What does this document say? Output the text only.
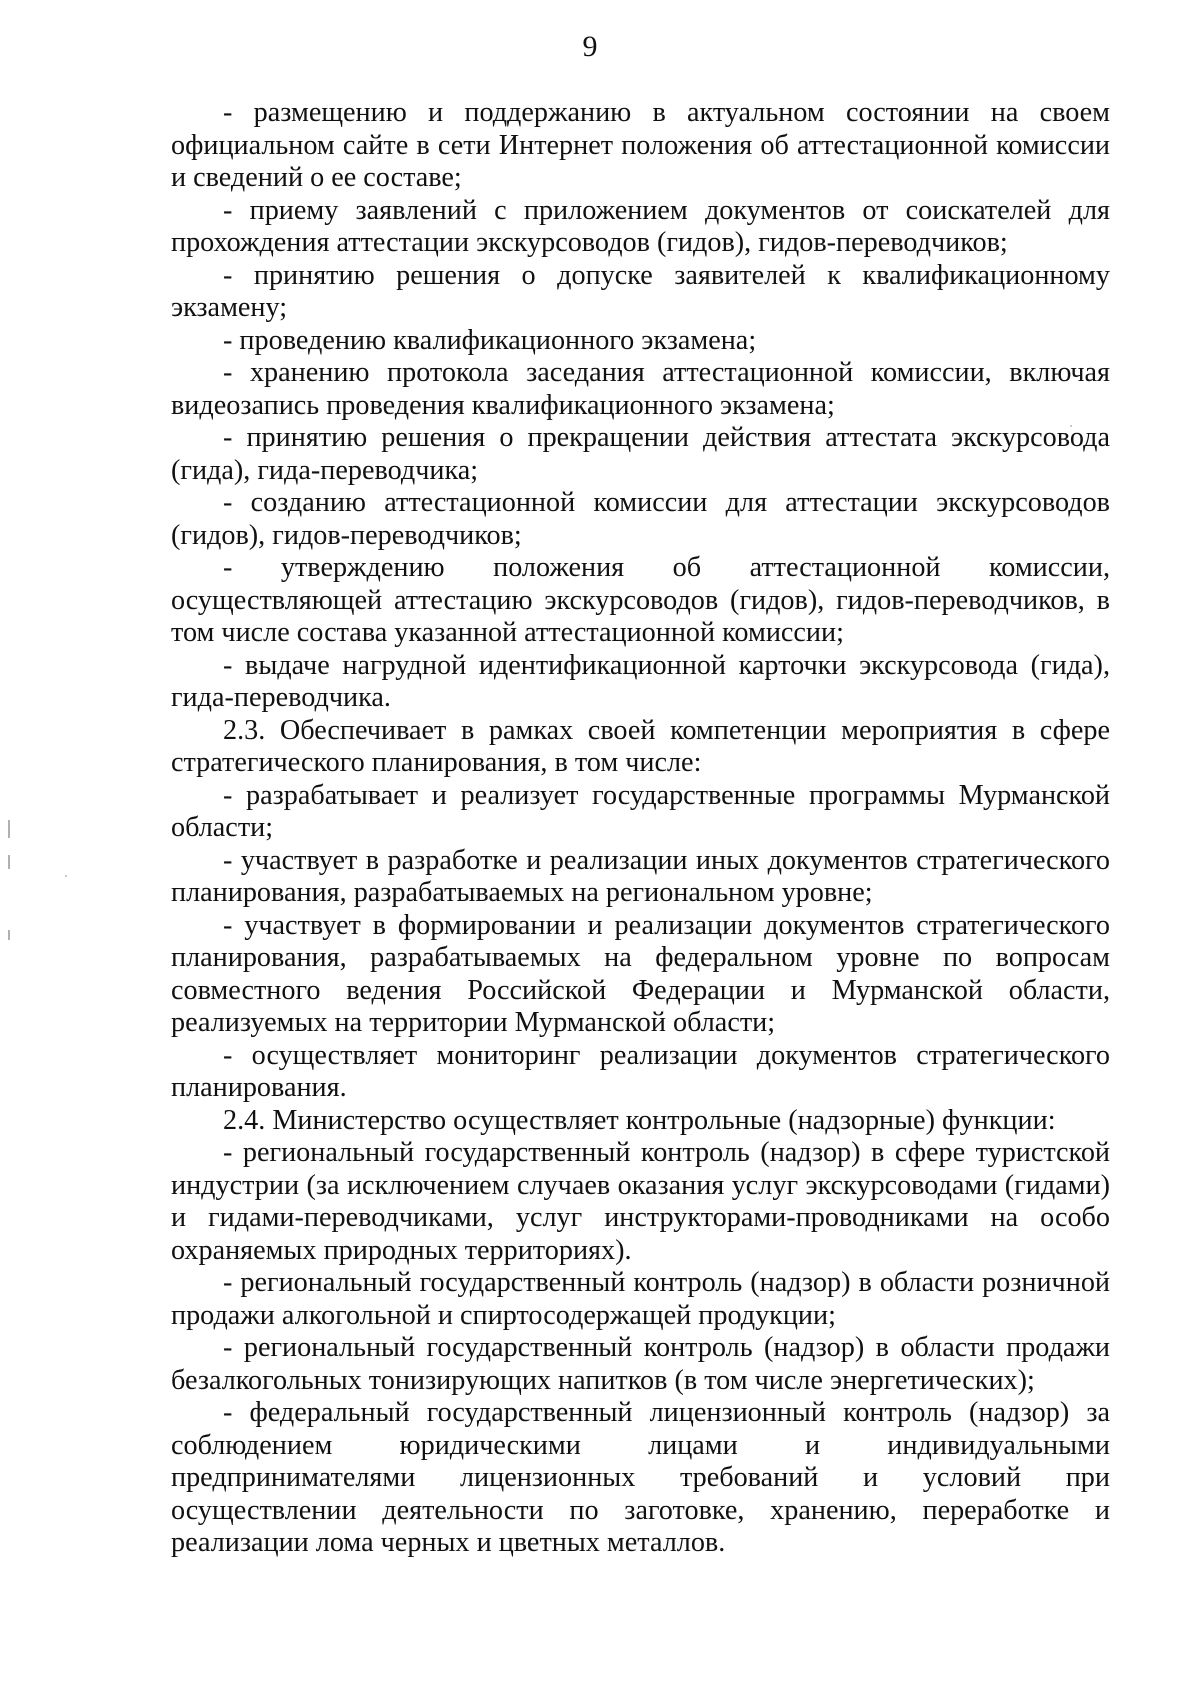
9

- размещению и поддержанию в актуальном состоянии на своем официальном сайте в сети Интернет положения об аттестационной комиссии и сведений о ее составе;

- приему заявлений с приложением документов от соискателей для прохождения аттестации экскурсоводов (гидов), гидов-переводчиков;

- принятию решения о допуске заявителей к квалификационному экзамену;

- проведению квалификационного экзамена;

- хранению протокола заседания аттестационной комиссии, включая видеозапись проведения квалификационного экзамена;

- принятию решения о прекращении действия аттестата экскурсовода (гида), гида-переводчика;

- созданию аттестационной комиссии для аттестации экскурсоводов (гидов), гидов-переводчиков;

- утверждению положения об аттестационной комиссии, осуществляющей аттестацию экскурсоводов (гидов), гидов-переводчиков, в том числе состава указанной аттестационной комиссии;

- выдаче нагрудной идентификационной карточки экскурсовода (гида), гида-переводчика.

2.3. Обеспечивает в рамках своей компетенции мероприятия в сфере стратегического планирования, в том числе:

- разрабатывает и реализует государственные программы Мурманской области;

- участвует в разработке и реализации иных документов стратегического планирования, разрабатываемых на региональном уровне;

- участвует в формировании и реализации документов стратегического планирования, разрабатываемых на федеральном уровне по вопросам совместного ведения Российской Федерации и Мурманской области, реализуемых на территории Мурманской области;

- осуществляет мониторинг реализации документов стратегического планирования.

2.4. Министерство осуществляет контрольные (надзорные) функции:

- региональный государственный контроль (надзор) в сфере туристской индустрии (за исключением случаев оказания услуг экскурсоводами (гидами) и гидами-переводчиками, услуг инструкторами-проводниками на особо охраняемых природных территориях).

- региональный государственный контроль (надзор) в области розничной продажи алкогольной и спиртосодержащей продукции;

- региональный государственный контроль (надзор) в области продажи безалкогольных тонизирующих напитков (в том числе энергетических);

- федеральный государственный лицензионный контроль (надзор) за соблюдением юридическими лицами и индивидуальными предпринимателями лицензионных требований и условий при осуществлении деятельности по заготовке, хранению, переработке и реализации лома черных и цветных металлов.
